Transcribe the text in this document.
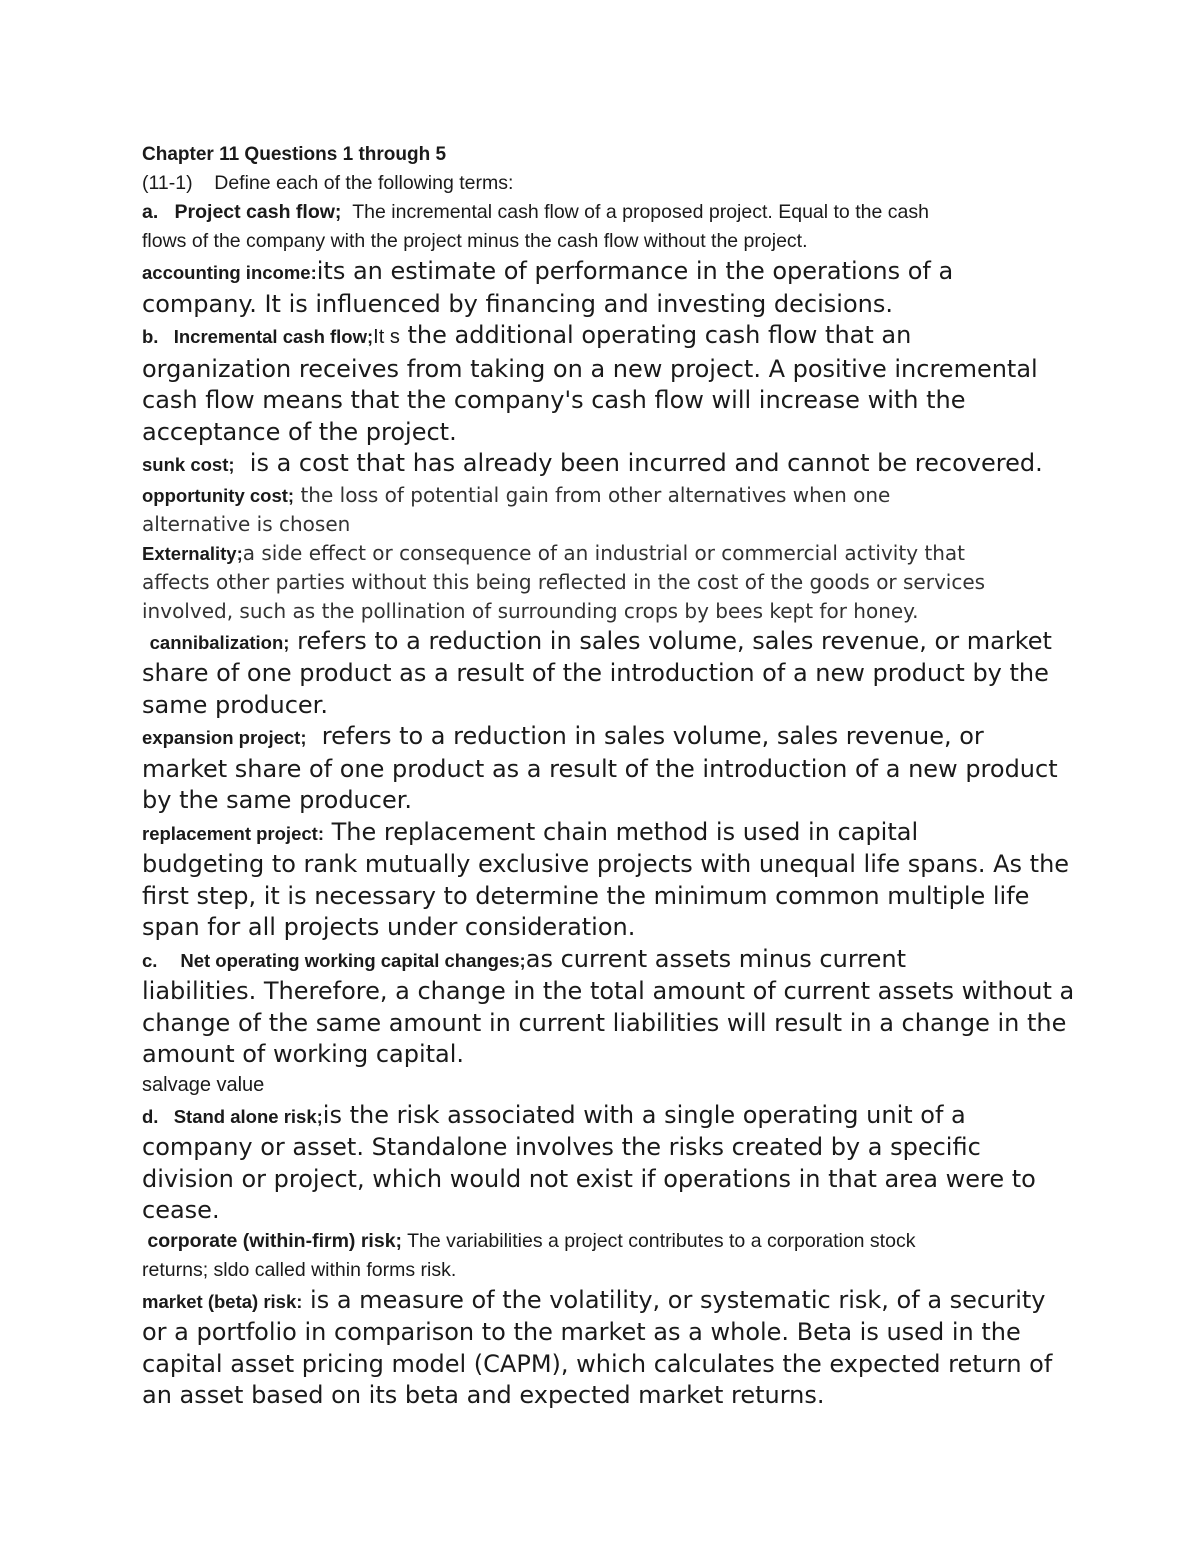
Chapter 11 Questions 1 through 5

(11-1) Define each of the following terms:

a. Project cash flow; The incremental cash flow of a proposed project. Equal to the cash

flows of the company with the project minus the cash flow without the project.

accounting income:its an estimate of performance in the operations of a

company. It is influenced by financing and investing decisions.

b. Incremental cash flow;It s the additional operating cash flow that an

organization receives from taking on a new project. A positive incremental

cash flow means that the company's cash flow will increase with the

acceptance of the project.

sunk cost; is a cost that has already been incurred and cannot be recovered.

opportunity cost; the loss of potential gain from other alternatives when one

alternative is chosen

Externality;a side effect or consequence of an industrial or commercial activity that

affects other parties without this being reflected in the cost of the goods or services

involved, such as the pollination of surrounding crops by bees kept for honey.

cannibalization; refers to a reduction in sales volume, sales revenue, or market

share of one product as a result of the introduction of a new product by the

same producer.

expansion project; refers to a reduction in sales volume, sales revenue, or

market share of one product as a result of the introduction of a new product

by the same producer.

replacement project: The replacement chain method is used in capital

budgeting to rank mutually exclusive projects with unequal life spans. As the

first step, it is necessary to determine the minimum common multiple life

span for all projects under consideration.

c. Net operating working capital changes;as current assets minus current

liabilities. Therefore, a change in the total amount of current assets without a

change of the same amount in current liabilities will result in a change in the

amount of working capital.

salvage value

d. Stand alone risk;is the risk associated with a single operating unit of a

company or asset. Standalone involves the risks created by a specific

division or project, which would not exist if operations in that area were to

cease.

corporate (within-firm) risk; The variabilities a project contributes to a corporation stock

returns; sldo called within forms risk.

market (beta) risk: is a measure of the volatility, or systematic risk, of a security

or a portfolio in comparison to the market as a whole. Beta is used in the

capital asset pricing model (CAPM), which calculates the expected return of

an asset based on its beta and expected market returns.
